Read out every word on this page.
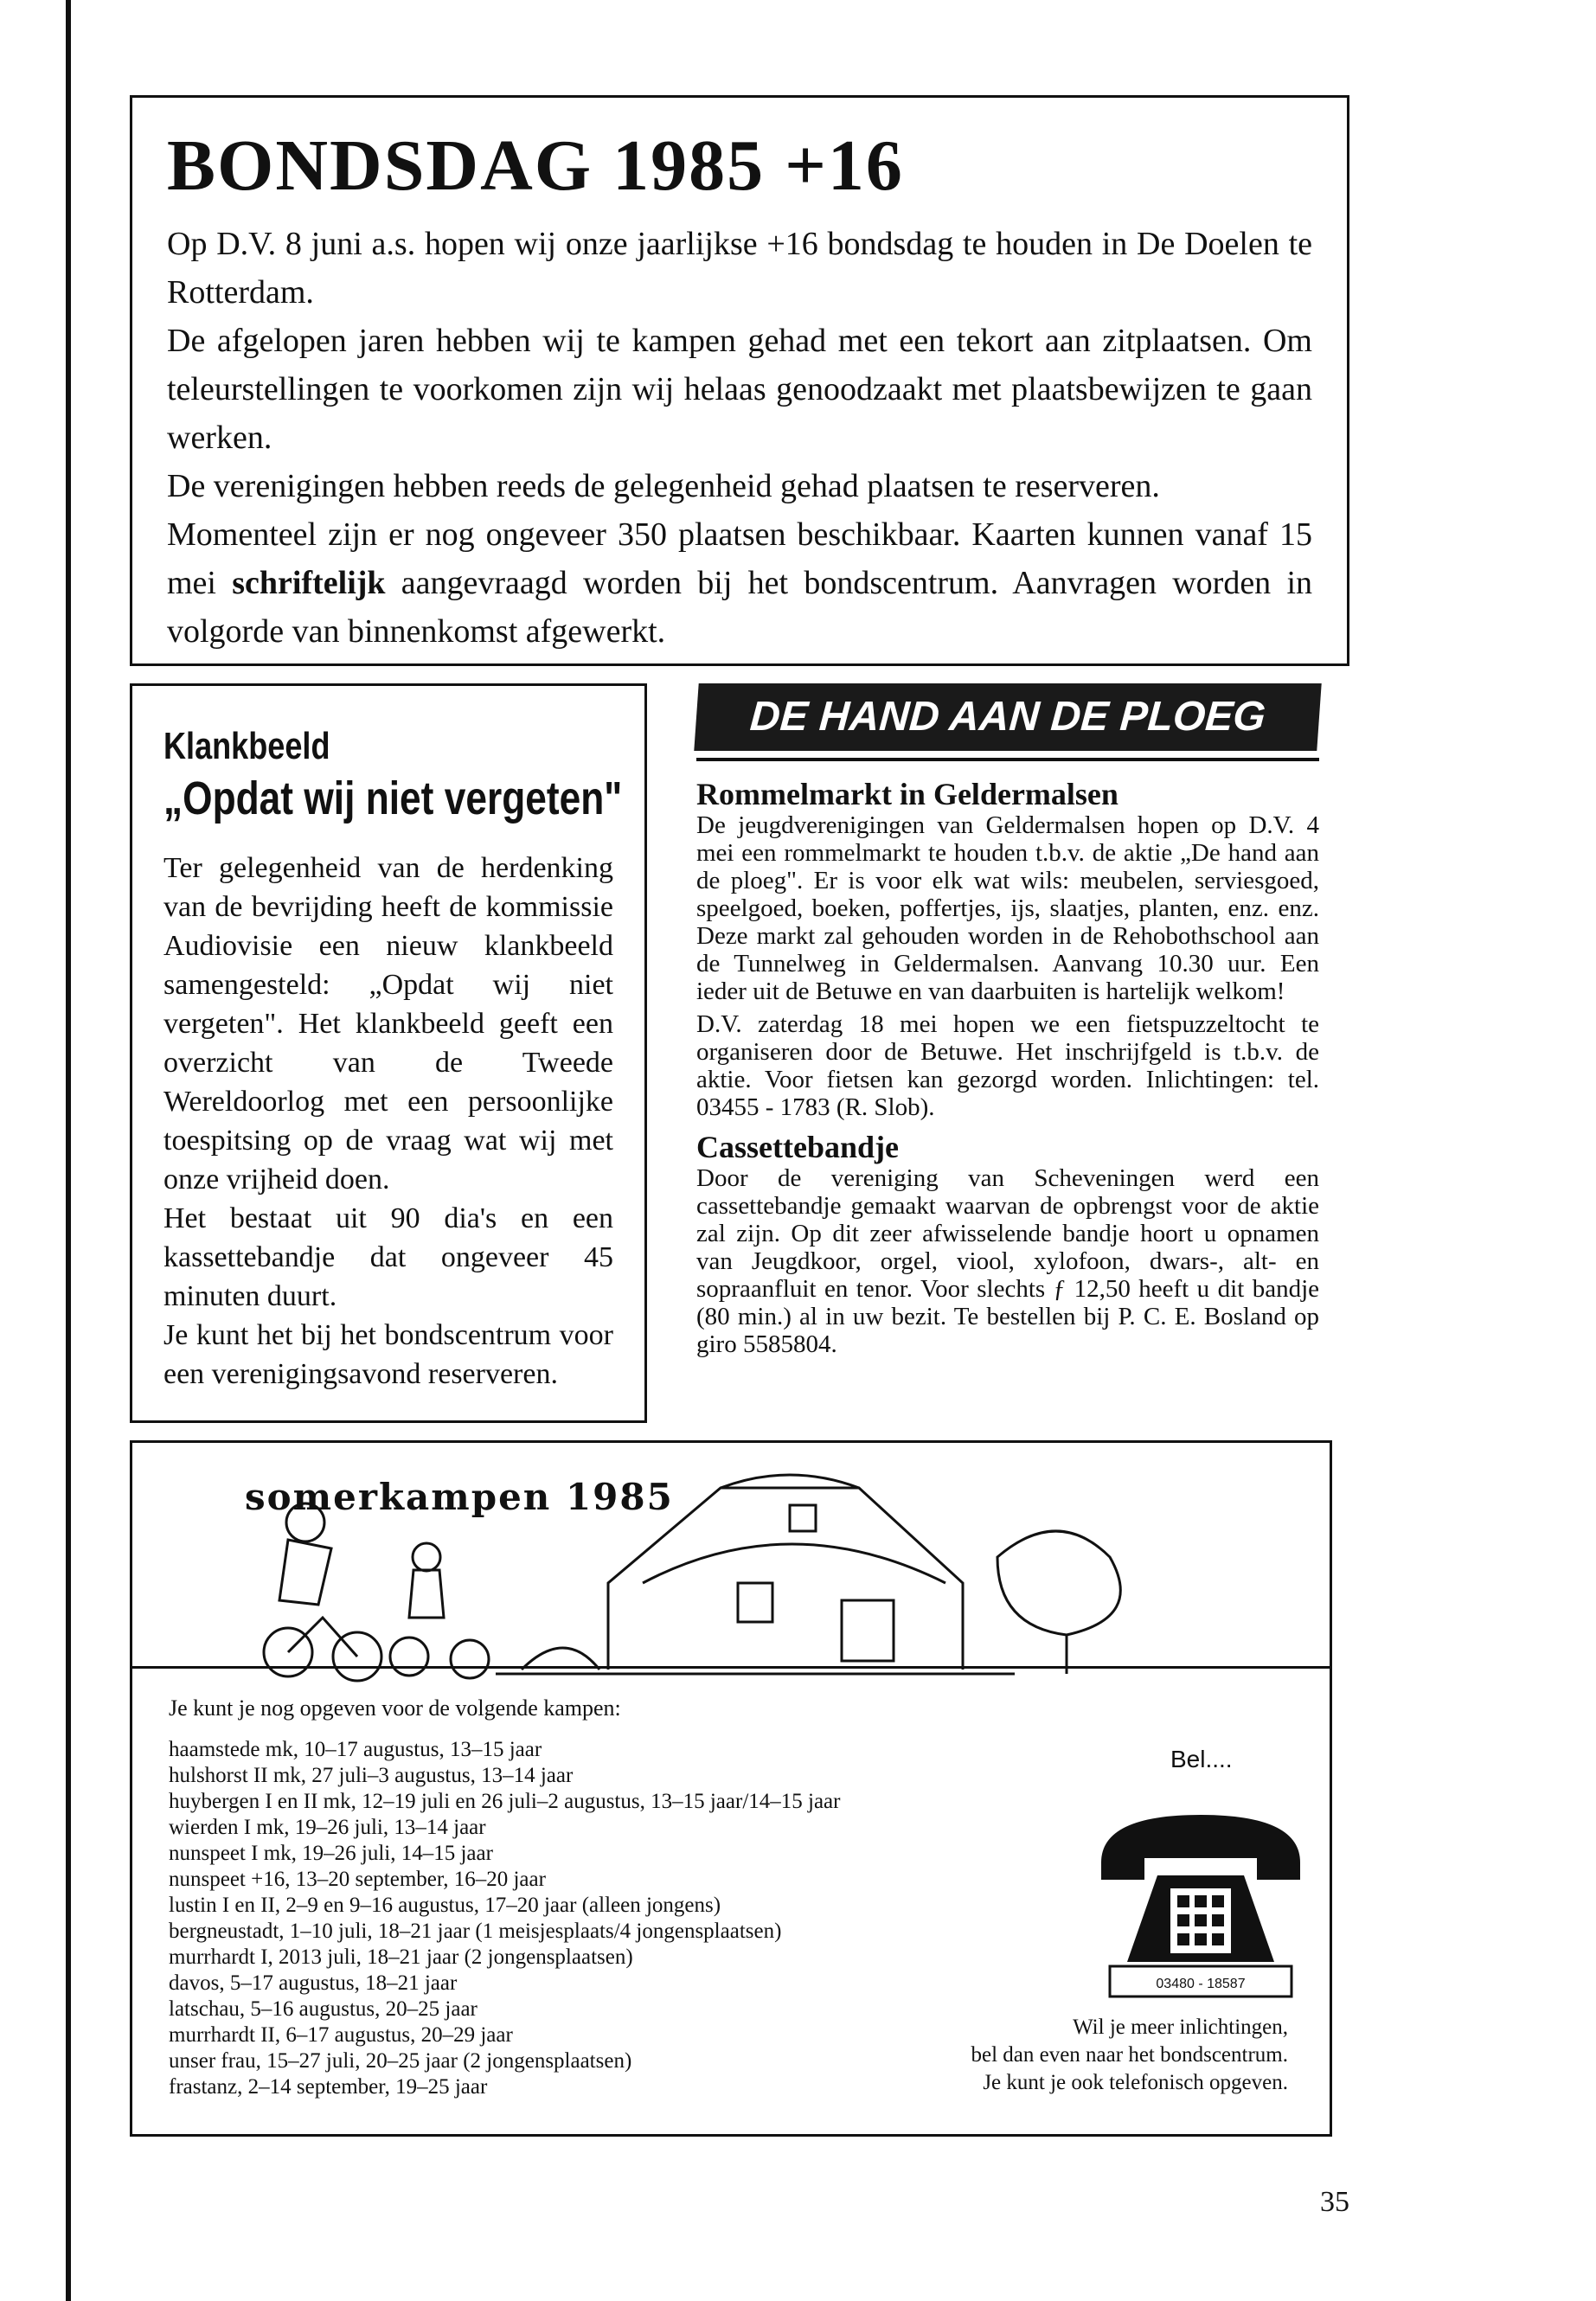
BONDSDAG 1985 +16

Op D.V. 8 juni a.s. hopen wij onze jaarlijkse +16 bondsdag te houden in De Doelen te Rotterdam.

De afgelopen jaren hebben wij te kampen gehad met een tekort aan zitplaatsen. Om teleurstellingen te voorkomen zijn wij helaas genoodzaakt met plaatsbewijzen te gaan werken.

De verenigingen hebben reeds de gelegenheid gehad plaatsen te reserveren.

Momenteel zijn er nog ongeveer 350 plaatsen beschikbaar. Kaarten kunnen vanaf 15 mei schriftelijk aangevraagd worden bij het bondscentrum. Aanvragen worden in volgorde van binnenkomst afgewerkt.

Klankbeeld
„Opdat wij niet vergeten"

Ter gelegenheid van de herdenking van de bevrijding heeft de kommissie Audiovisie een nieuw klankbeeld samengesteld: „Opdat wij niet vergeten". Het klankbeeld geeft een overzicht van de Tweede Wereldoorlog met een persoonlijke toespitsing op de vraag wat wij met onze vrijheid doen.

Het bestaat uit 90 dia's en een kassettebandje dat ongeveer 45 minuten duurt.

Je kunt het bij het bondscentrum voor een verenigingsavond reserveren.

DE HAND AAN DE PLOEG
Rommelmarkt in Geldermalsen

De jeugdverenigingen van Geldermalsen hopen op D.V. 4 mei een rommelmarkt te houden t.b.v. de aktie „De hand aan de ploeg". Er is voor elk wat wils: meubelen, serviesgoed, speelgoed, boeken, poffertjes, ijs, slaatjes, planten, enz. enz. Deze markt zal gehouden worden in de Rehobothschool aan de Tunnelweg in Geldermalsen. Aanvang 10.30 uur. Een ieder uit de Betuwe en van daarbuiten is hartelijk welkom!

D.V. zaterdag 18 mei hopen we een fietspuzzeltocht te organiseren door de Betuwe. Het inschrijfgeld is t.b.v. de aktie. Voor fietsen kan gezorgd worden. Inlichtingen: tel. 03455 - 1783 (R. Slob).

Cassettebandje

Door de vereniging van Scheveningen werd een cassettebandje gemaakt waarvan de opbrengst voor de aktie zal zijn. Op dit zeer afwisselende bandje hoort u opnamen van Jeugdkoor, orgel, viool, xylofoon, dwars-, alt- en sopraanfluit en tenor. Voor slechts ƒ 12,50 heeft u dit bandje (80 min.) al in uw bezit. Te bestellen bij P. C. E. Bosland op giro 5585804.

somerkampen 1985
Je kunt je nog opgeven voor de volgende kampen:
haamstede mk, 10–17 augustus, 13–15 jaar
hulshorst II mk, 27 juli–3 augustus, 13–14 jaar
huybergen I en II mk, 12–19 juli en 26 juli–2 augustus, 13–15 jaar/14–15 jaar
wierden I mk, 19–26 juli, 13–14 jaar
nunspeet I mk, 19–26 juli, 14–15 jaar
nunspeet +16, 13–20 september, 16–20 jaar
lustin I en II, 2–9 en 9–16 augustus, 17–20 jaar (alleen jongens)
bergneustadt, 1–10 juli, 18–21 jaar (1 meisjesplaats/4 jongensplaatsen)
murrhardt I, 2013 juli, 18–21 jaar (2 jongensplaatsen)
davos, 5–17 augustus, 18–21 jaar
latschau, 5–16 augustus, 20–25 jaar
murrhardt II, 6–17 augustus, 20–29 jaar
unser frau, 15–27 juli, 20–25 jaar (2 jongensplaatsen)
frastanz, 2–14 september, 19–25 jaar
Bel....
03480 - 18587
Wil je meer inlichtingen,
bel dan even naar het bondscentrum.
Je kunt je ook telefonisch opgeven.
35
